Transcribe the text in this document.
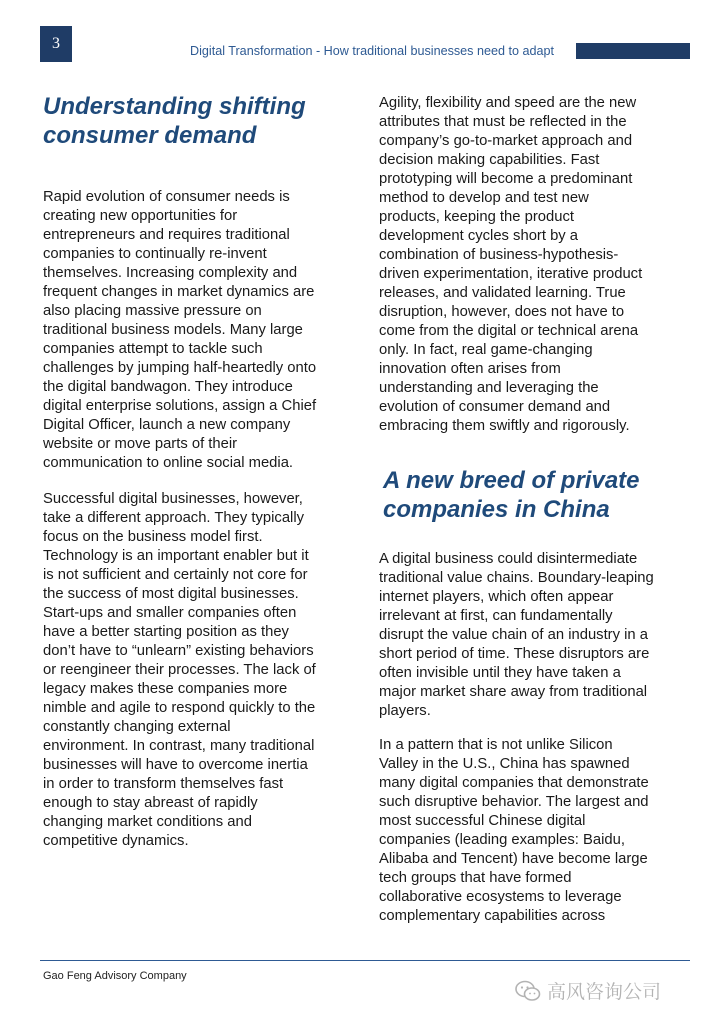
3	Digital Transformation - How traditional businesses need to adapt
Understanding shifting
consumer demand

Rapid evolution of consumer needs is
creating new opportunities for
entrepreneurs and requires traditional
companies to continually re-invent
themselves. Increasing complexity and
frequent changes in market dynamics are
also placing massive pressure on
traditional business models. Many large
companies attempt to tackle such
challenges by jumping half-heartedly onto
the digital bandwagon. They introduce
digital enterprise solutions, assign a Chief
Digital Officer, launch a new company
website or move parts of their
communication to online social media.

Successful digital businesses, however,
take a different approach. They typically
focus on the business model first.
Technology is an important enabler but it
is not sufficient and certainly not core for
the success of most digital businesses.
Start-ups and smaller companies often
have a better starting position as they
don’t have to “unlearn” existing behaviors
or reengineer their processes. The lack of
legacy makes these companies more
nimble and agile to respond quickly to the
constantly changing external
environment. In contrast, many traditional
businesses will have to overcome inertia
in order to transform themselves fast
enough to stay abreast of rapidly
changing market conditions and
competitive dynamics.

Agility, flexibility and speed are the new
attributes that must be reflected in the
company’s go-to-market approach and
decision making capabilities. Fast
prototyping will become a predominant
method to develop and test new
products, keeping the product
development cycles short by a
combination of business-hypothesis-
driven experimentation, iterative product
releases, and validated learning. True
disruption, however, does not have to
come from the digital or technical arena
only. In fact, real game-changing
innovation often arises from
understanding and leveraging the
evolution of consumer demand and
embracing them swiftly and rigorously.

A new breed of private
companies in China

A digital business could disintermediate
traditional value chains. Boundary-leaping
internet players, which often appear
irrelevant at first, can fundamentally
disrupt the value chain of an industry in a
short period of time. These disruptors are
often invisible until they have taken a
major market share away from traditional
players.

In a pattern that is not unlike Silicon
Valley in the U.S., China has spawned
many digital companies that demonstrate
such disruptive behavior. The largest and
most successful Chinese digital
companies (leading examples: Baidu,
Alibaba and Tencent) have become large
tech groups that have formed
collaborative ecosystems to leverage
complementary capabilities across

Gao Feng Advisory Company
高风咨询公司
